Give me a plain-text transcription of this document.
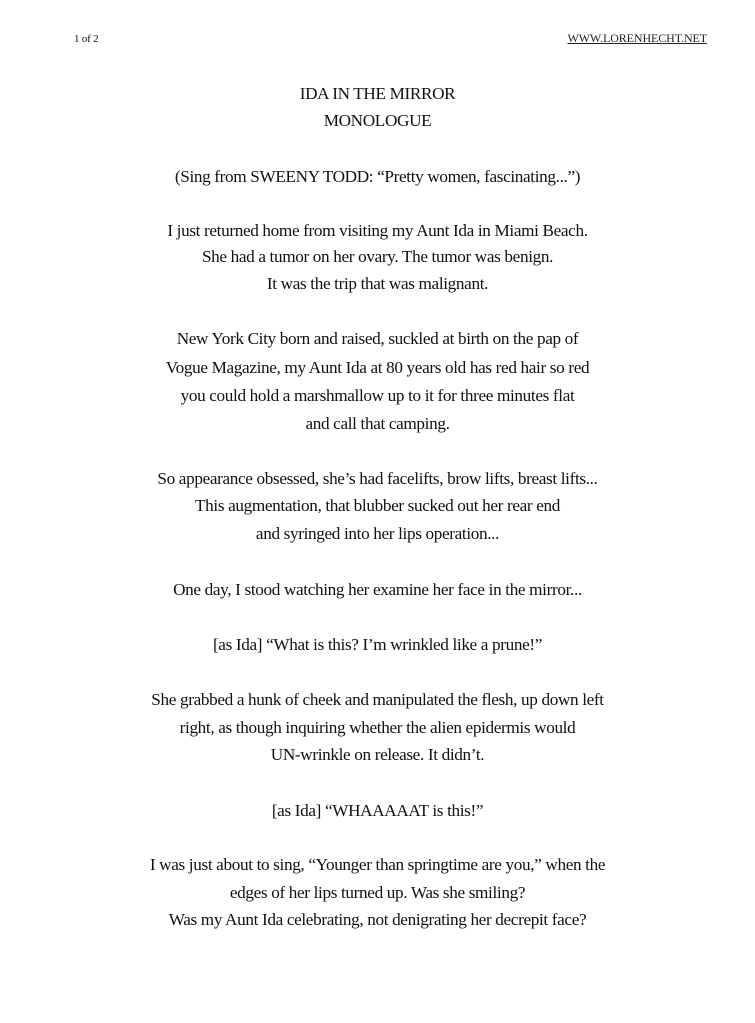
1 of 2	WWW.LORENHECHT.NET
IDA IN THE MIRROR
MONOLOGUE
(Sing from SWEENY TODD: “Pretty women, fascinating...”)
I just returned home from visiting my Aunt Ida in Miami Beach.
She had a tumor on her ovary. The tumor was benign.
It was the trip that was malignant.
New York City born and raised, suckled at birth on the pap of
Vogue Magazine, my Aunt Ida at 80 years old has red hair so red
you could hold a marshmallow up to it for three minutes flat
and call that camping.
So appearance obsessed, she’s had facelifts, brow lifts, breast lifts...
This augmentation, that blubber sucked out her rear end
and syringed into her lips operation...
One day, I stood watching her examine her face in the mirror...
[as Ida] “What is this? I’m wrinkled like a prune!”
She grabbed a hunk of cheek and manipulated the flesh, up down left
right, as though inquiring whether the alien epidermis would
UN-wrinkle on release. It didn’t.
[as Ida] “WHAAAAAT is this!”
I was just about to sing, “Younger than springtime are you,” when the
edges of her lips turned up. Was she smiling?
Was my Aunt Ida celebrating, not denigrating her decrepit face?
